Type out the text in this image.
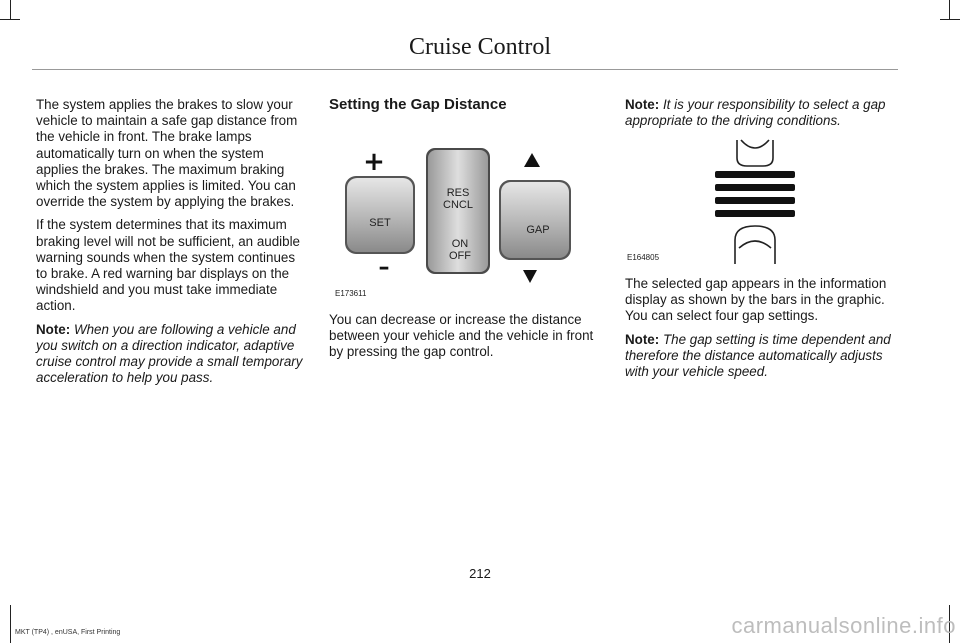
Cruise Control

The system applies the brakes to slow your vehicle to maintain a safe gap distance from the vehicle in front. The brake lamps automatically turn on when the system applies the brakes. The maximum braking which the system applies is limited. You can override the system by applying the brakes.

If the system determines that its maximum braking level will not be sufficient, an audible warning sounds when the system continues to brake. A red warning bar displays on the windshield and you must take immediate action.

Note: When you are following a vehicle and you switch on a direction indicator, adaptive cruise control may provide a small temporary acceleration to help you pass.

Setting the Gap Distance
SET
+
–
RES
CNCL
ON
OFF
GAP
E173611

You can decrease or increase the distance between your vehicle and the vehicle in front by pressing the gap control.

Note: It is your responsibility to select a gap appropriate to the driving conditions.

E164805

The selected gap appears in the information display as shown by the bars in the graphic. You can select four gap settings.

Note: The gap setting is time dependent and therefore the distance automatically adjusts with your vehicle speed.

212
MKT (TP4) , enUSA, First Printing	carmanualsonline.info
